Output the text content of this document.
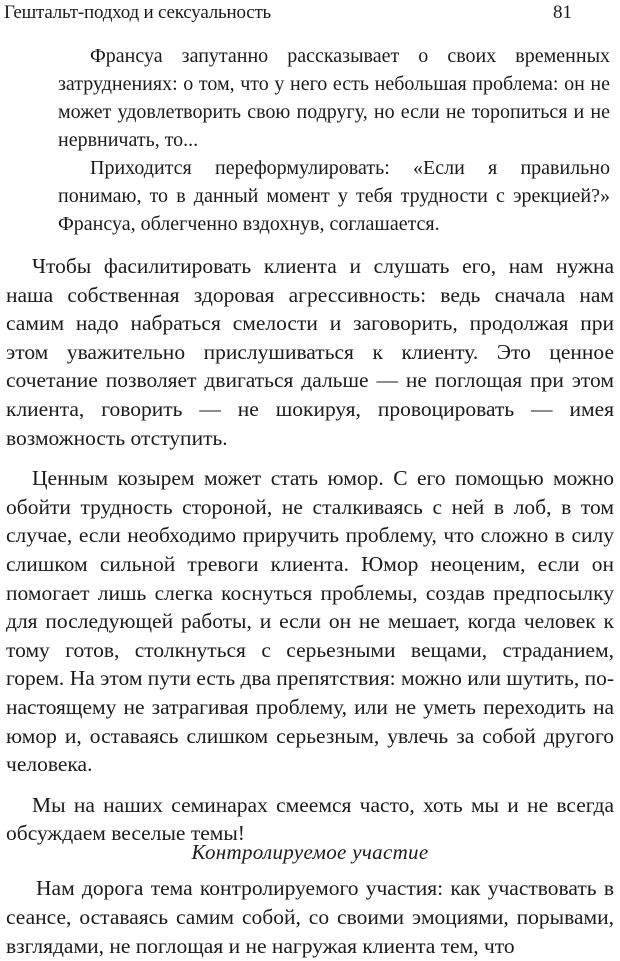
Гештальт-подход и сексуальность	81

Франсуа запутанно рассказывает о своих временных затруднениях: о том, что у него есть небольшая проблема: он не может удовлетворить свою подругу, но если не торопиться и не нервничать, то...

Приходится переформулировать: «Если я правильно понимаю, то в данный момент у тебя трудности с эрекцией?» Франсуа, облегченно вздохнув, соглашается.

Чтобы фасилитировать клиента и слушать его, нам нужна наша собственная здоровая агрессивность: ведь сначала нам самим надо набраться смелости и заговорить, продолжая при этом уважительно прислушиваться к клиенту. Это ценное сочетание позволяет двигаться дальше — не поглощая при этом клиента, говорить — не шокируя, провоцировать — имея возможность отступить.

Ценным козырем может стать юмор. С его помощью можно обойти трудность стороной, не сталкиваясь с ней в лоб, в том случае, если необходимо приручить проблему, что сложно в силу слишком сильной тревоги клиента. Юмор неоценим, если он помогает лишь слегка коснуться проблемы, создав предпосылку для последующей работы, и если он не мешает, когда человек к тому готов, столкнуться с серьезными вещами, страданием, горем. На этом пути есть два препятствия: можно или шутить, по-настоящему не затрагивая проблему, или не уметь переходить на юмор и, оставаясь слишком серьезным, увлечь за собой другого человека.

Мы на наших семинарах смеемся часто, хоть мы и не всегда обсуждаем веселые темы!

Контролируемое участие

Нам дорога тема контролируемого участия: как участвовать в сеансе, оставаясь самим собой, со своими эмоциями, порывами, взглядами, не поглощая и не нагружая клиента тем, что
